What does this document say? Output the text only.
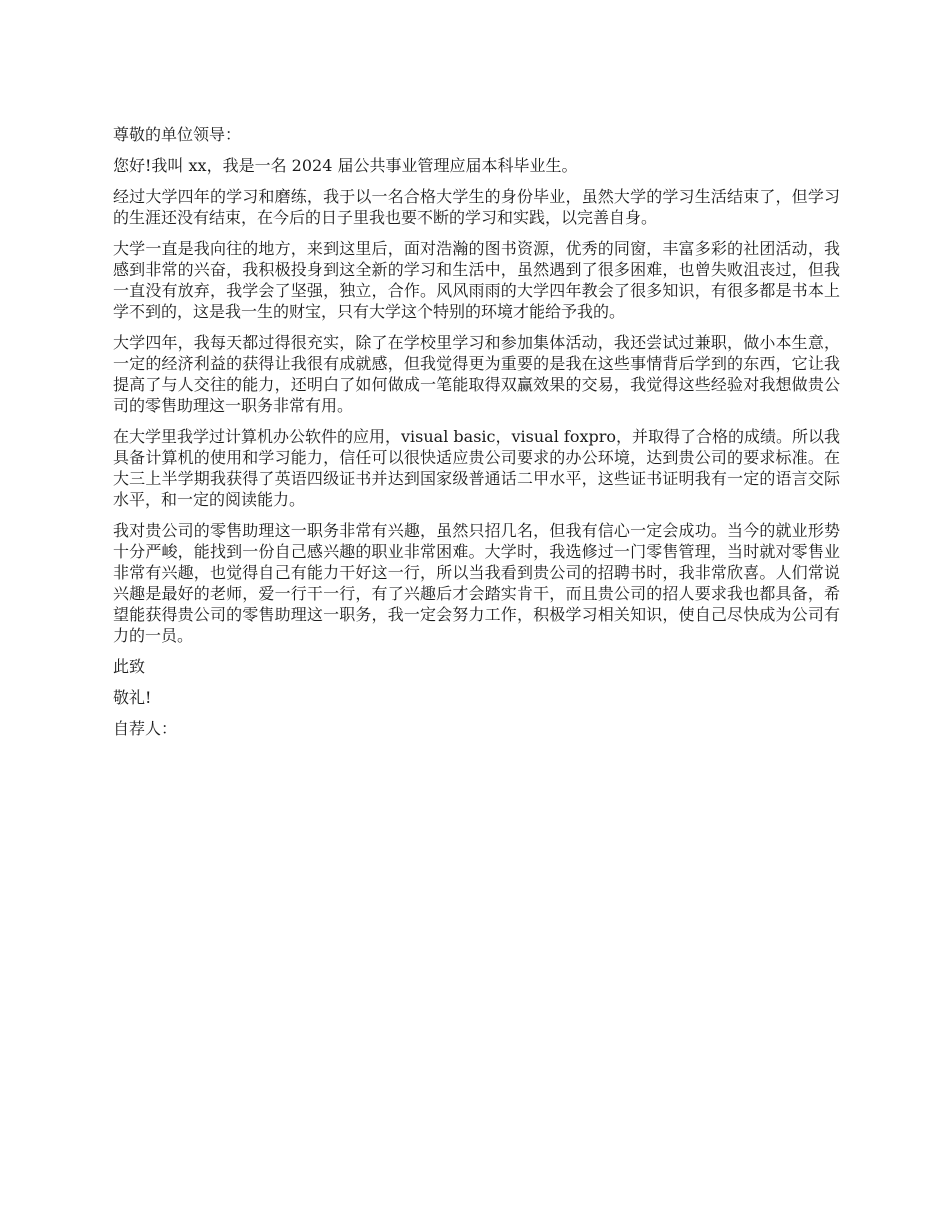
尊敬的单位领导：

您好!我叫 xx，我是一名 2024 届公共事业管理应届本科毕业生。

经过大学四年的学习和磨练，我于以一名合格大学生的身份毕业，虽然大学的学习生活结束了，但学习的生涯还没有结束，在今后的日子里我也要不断的学习和实践，以完善自身。

大学一直是我向往的地方，来到这里后，面对浩瀚的图书资源，优秀的同窗，丰富多彩的社团活动，我感到非常的兴奋，我积极投身到这全新的学习和生活中，虽然遇到了很多困难，也曾失败沮丧过，但我一直没有放弃，我学会了坚强，独立，合作。风风雨雨的大学四年教会了很多知识，有很多都是书本上学不到的，这是我一生的财宝，只有大学这个特别的环境才能给予我的。

大学四年，我每天都过得很充实，除了在学校里学习和参加集体活动，我还尝试过兼职，做小本生意，一定的经济利益的获得让我很有成就感，但我觉得更为重要的是我在这些事情背后学到的东西，它让我提高了与人交往的能力，还明白了如何做成一笔能取得双赢效果的交易，我觉得这些经验对我想做贵公司的零售助理这一职务非常有用。

在大学里我学过计算机办公软件的应用，visual basic，visual foxpro，并取得了合格的成绩。所以我具备计算机的使用和学习能力，信任可以很快适应贵公司要求的办公环境，达到贵公司的要求标准。在大三上半学期我获得了英语四级证书并达到国家级普通话二甲水平，这些证书证明我有一定的语言交际水平，和一定的阅读能力。

我对贵公司的零售助理这一职务非常有兴趣，虽然只招几名，但我有信心一定会成功。当今的就业形势十分严峻，能找到一份自己感兴趣的职业非常困难。大学时，我选修过一门零售管理，当时就对零售业非常有兴趣，也觉得自己有能力干好这一行，所以当我看到贵公司的招聘书时，我非常欣喜。人们常说兴趣是最好的老师，爱一行干一行，有了兴趣后才会踏实肯干，而且贵公司的招人要求我也都具备，希望能获得贵公司的零售助理这一职务，我一定会努力工作，积极学习相关知识，使自己尽快成为公司有力的一员。

此致

敬礼!

自荐人：
